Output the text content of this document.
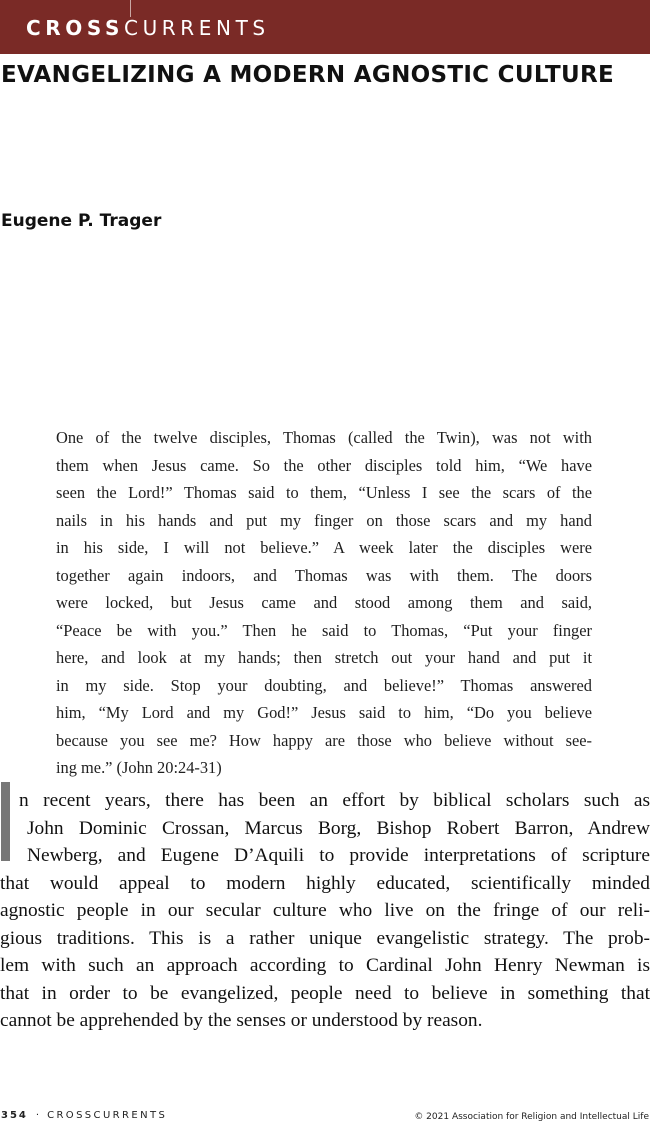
CROSSCURRENTS
EVANGELIZING A MODERN AGNOSTIC CULTURE
Eugene P. Trager
One of the twelve disciples, Thomas (called the Twin), was not with
them when Jesus came. So the other disciples told him, “We have
seen the Lord!” Thomas said to them, “Unless I see the scars of the
nails in his hands and put my finger on those scars and my hand
in his side, I will not believe.” A week later the disciples were
together again indoors, and Thomas was with them. The doors
were locked, but Jesus came and stood among them and said,
“Peace be with you.” Then he said to Thomas, “Put your finger
here, and look at my hands; then stretch out your hand and put it
in my side. Stop your doubting, and believe!” Thomas answered
him, “My Lord and my God!” Jesus said to him, “Do you believe
because you see me? How happy are those who believe without see-
ing me.” (John 20:24-31)
n recent years, there has been an effort by biblical scholars such as
John Dominic Crossan, Marcus Borg, Bishop Robert Barron, Andrew
Newberg, and Eugene D’Aquili to provide interpretations of scripture
that would appeal to modern highly educated, scientifically minded
agnostic people in our secular culture who live on the fringe of our reli-
gious traditions. This is a rather unique evangelistic strategy. The prob-
lem with such an approach according to Cardinal John Henry Newman is
that in order to be evangelized, people need to believe in something that
cannot be apprehended by the senses or understood by reason.
354 · CROSSCURRENTS	© 2021 Association for Religion and Intellectual Life
